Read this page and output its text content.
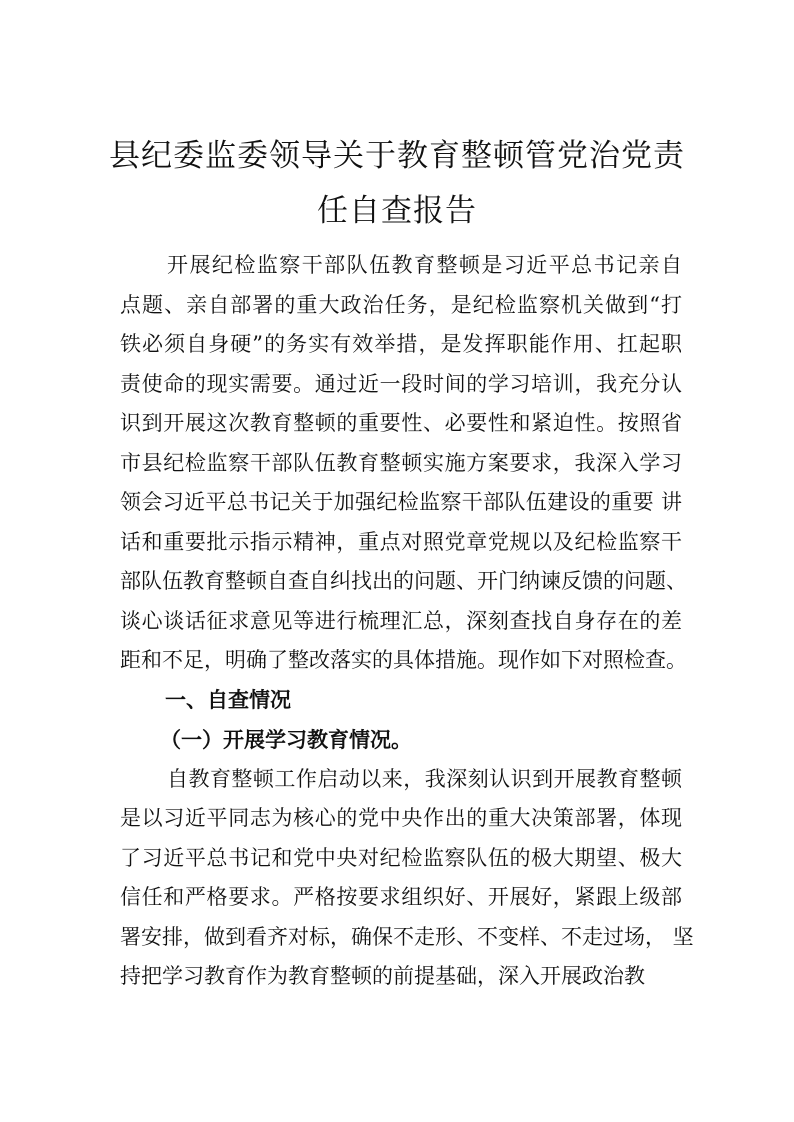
县纪委监委领导关于教育整顿管党治党责
任自查报告
开展纪检监察干部队伍教育整顿是习近平总书记亲自
点题、亲自部署的重大政治任务，是纪检监察机关做到“打
铁必须自身硬”的务实有效举措，是发挥职能作用、扛起职
责使命的现实需要。通过近一段时间的学习培训，我充分认
识到开展这次教育整顿的重要性、必要性和紧迫性。按照省
市县纪检监察干部队伍教育整顿实施方案要求，我深入学习
领会习近平总书记关于加强纪检监察干部队伍建设的重要 讲
话和重要批示指示精神，重点对照党章党规以及纪检监察干
部队伍教育整顿自查自纠找出的问题、开门纳谏反馈的问题、
谈心谈话征求意见等进行梳理汇总，深刻查找自身存在的差
距和不足，明确了整改落实的具体措施。现作如下对照检查。
一、自查情况
（一）开展学习教育情况。
自教育整顿工作启动以来，我深刻认识到开展教育整顿
是以习近平同志为核心的党中央作出的重大决策部署，体现
了习近平总书记和党中央对纪检监察队伍的极大期望、极大
信任和严格要求。严格按要求组织好、开展好，紧跟上级部
署安排，做到看齐对标，确保不走形、不变样、不走过场， 坚
持把学习教育作为教育整顿的前提基础，深入开展政治教
